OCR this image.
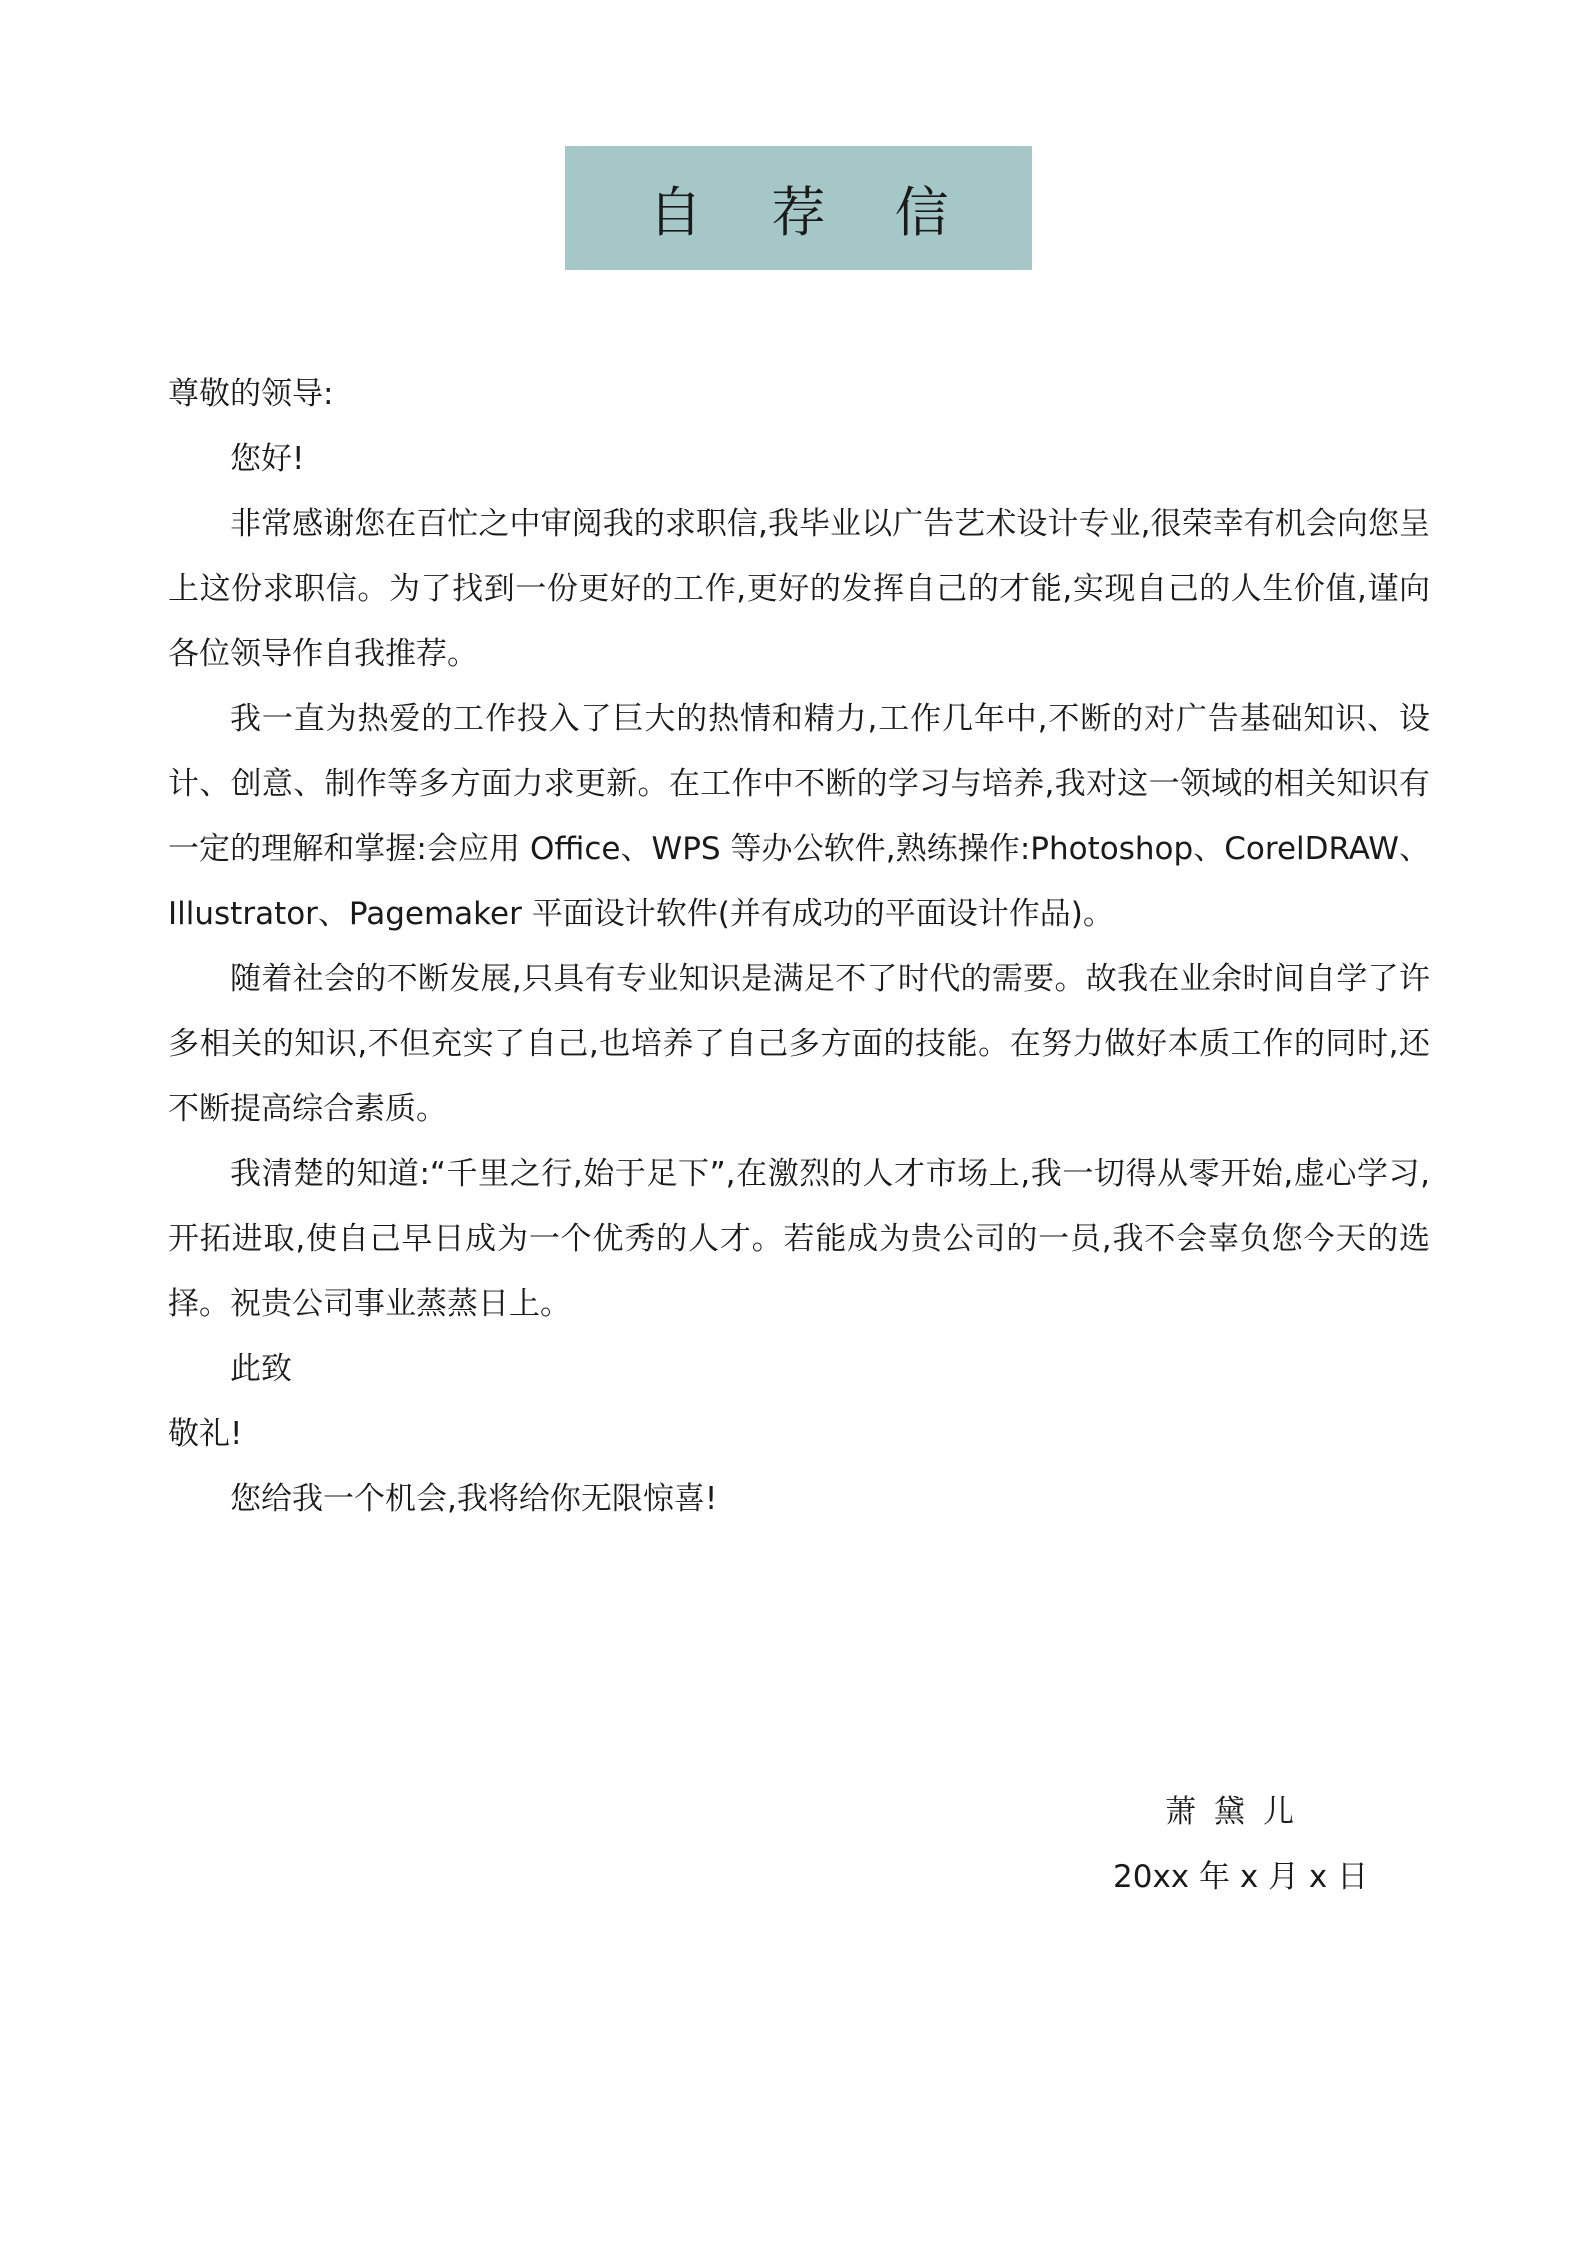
自 荐 信

尊敬的领导:

您好!

非常感谢您在百忙之中审阅我的求职信,我毕业以广告艺术设计专业,很荣幸有机会向您呈上这份求职信。为了找到一份更好的工作,更好的发挥自己的才能,实现自己的人生价值,谨向各位领导作自我推荐。

我一直为热爱的工作投入了巨大的热情和精力,工作几年中,不断的对广告基础知识、设计、创意、制作等多方面力求更新。在工作中不断的学习与培养,我对这一领域的相关知识有一定的理解和掌握:会应用 Office、WPS 等办公软件,熟练操作:Photoshop、CorelDRAW、Illustrator、Pagemaker 平面设计软件(并有成功的平面设计作品)。

随着社会的不断发展,只具有专业知识是满足不了时代的需要。故我在业余时间自学了许多相关的知识,不但充实了自己,也培养了自己多方面的技能。在努力做好本质工作的同时,还不断提高综合素质。

我清楚的知道:“千里之行,始于足下”,在激烈的人才市场上,我一切得从零开始,虚心学习,开拓进取,使自己早日成为一个优秀的人才。若能成为贵公司的一员,我不会辜负您今天的选择。祝贵公司事业蒸蒸日上。

此致

敬礼!

您给我一个机会,我将给你无限惊喜!

萧黛儿
20xx 年 x 月 x 日
